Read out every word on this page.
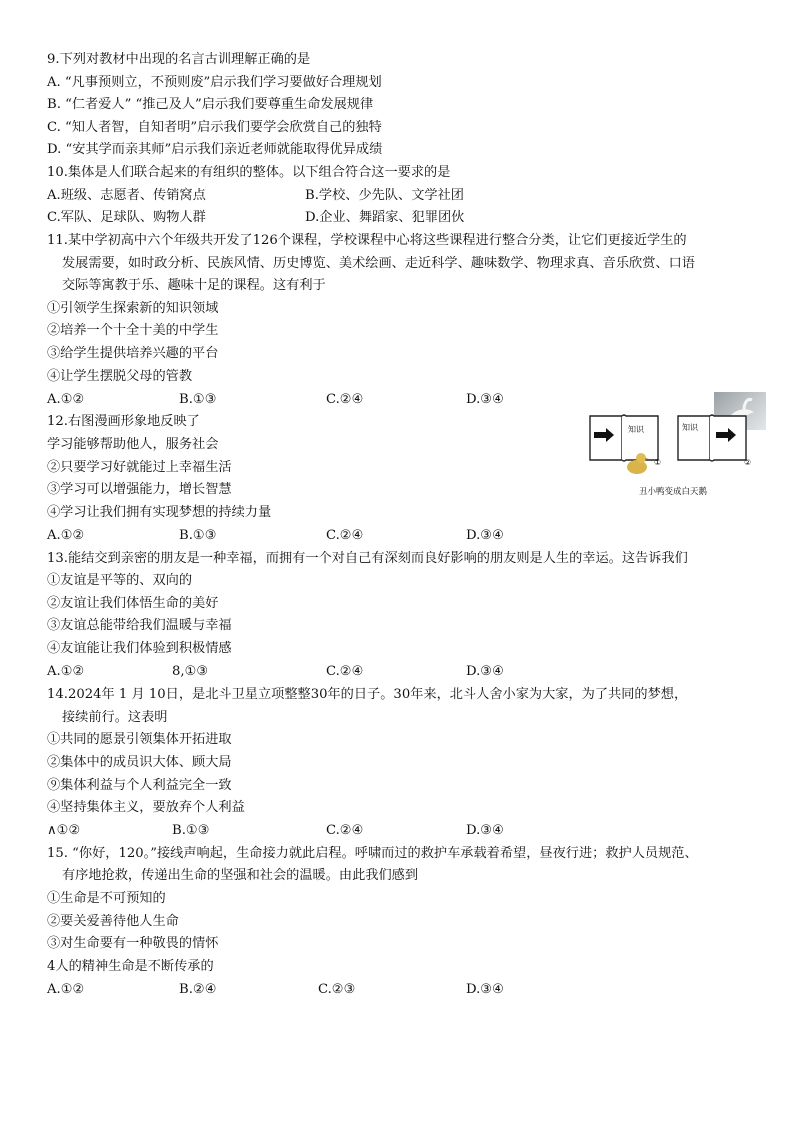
9.下列对教材中出现的名言古训理解正确的是
A. “凡事预则立，不预则废”启示我们学习要做好合理规划
B. “仁者爱人” “推己及人”启示我们要尊重生命发展规律
C. “知人者智，自知者明”启示我们要学会欣赏自己的独特
D. “安其学而亲其师”启示我们亲近老师就能取得优异成绩
10.集体是人们联合起来的有组织的整体。以下组合符合这一要求的是
A.班级、志愿者、传销窝点	B.学校、少先队、文学社团
C.军队、足球队、购物人群	D.企业、舞蹈家、犯罪团伙
11.某中学初高中六个年级共开发了126个课程，学校课程中心将这些课程进行整合分类，让它们更接近学生的
发展需要，如时政分析、民族风情、历史博览、美术绘画、走近科学、趣味数学、物理求真、音乐欣赏、口语
交际等寓教于乐、趣味十足的课程。这有利于
①引领学生探索新的知识领域
②培养一个十全十美的中学生
③给学生提供培养兴趣的平台
④让学生摆脱父母的管教
A.①②	B.①③	C.②④	D.③④
12.右图漫画形象地反映了
学习能够帮助他人，服务社会
②只要学习好就能过上幸福生活
③学习可以增强能力，增长智慧
④学习让我们拥有实现梦想的持续力量
A.①②	B.①③	C.②④	D.③④
知识
①
知识
②
丑小鸭变成白天鹅
13.能结交到亲密的朋友是一种幸福，而拥有一个对自己有深刻而良好影响的朋友则是人生的幸运。这告诉我们
①友谊是平等的、双向的
②友谊让我们体悟生命的美好
③友谊总能带给我们温暖与幸福
④友谊能让我们体验到积极情感
A.①②	8,①③	C.②④	D.③④
14.2024年 1 月 10日，是北斗卫星立项整整30年的日子。30年来，北斗人舍小家为大家，为了共同的梦想，
接续前行。这表明
①共同的愿景引领集体开拓进取
②集体中的成员识大体、顾大局
⑨集体利益与个人利益完全一致
④坚持集体主义，要放弃个人利益
∧①②	B.①③	C.②④	D.③④
15. “你好，120。”接线声响起，生命接力就此启程。呼啸而过的救护车承载着希望，昼夜行进；救护人员规范、
有序地抢救，传递出生命的坚强和社会的温暖。由此我们感到
①生命是不可预知的
②要关爱善待他人生命
③对生命要有一种敬畏的情怀
4人的精神生命是不断传承的
A.①②	B.②④	C.②③	D.③④
